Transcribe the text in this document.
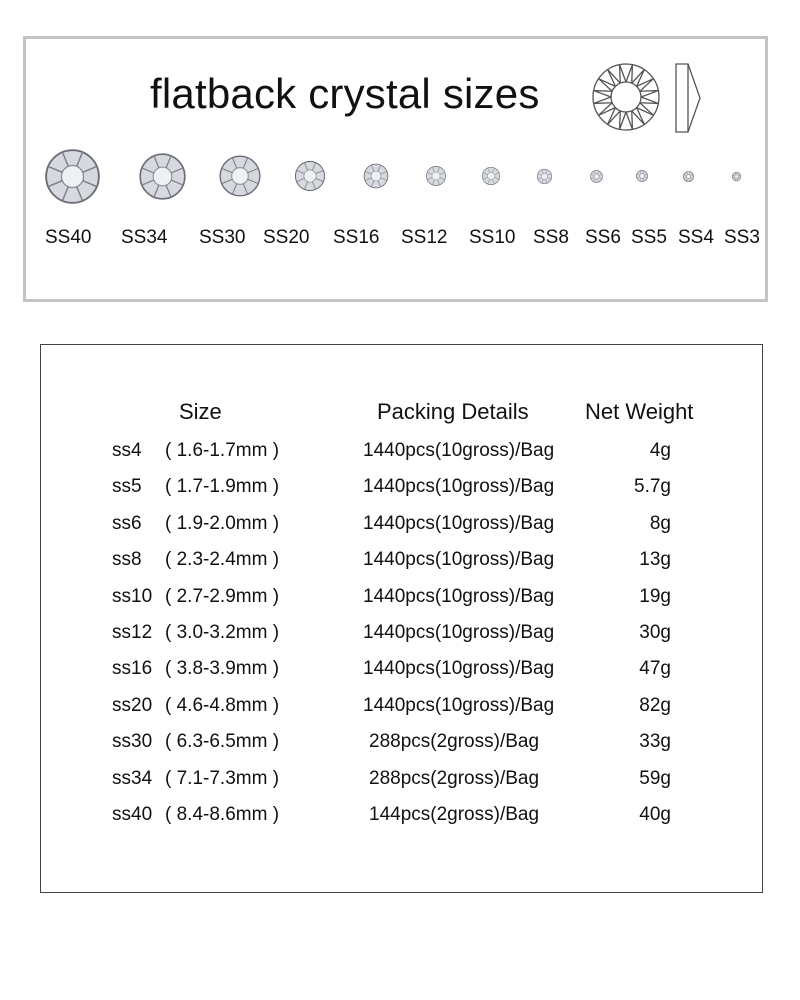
flatback crystal sizes
SS40 SS34 SS30 SS20 SS16 SS12 SS10 SS8 SS6 SS5 SS4 SS3
Size	Packing Details	Net Weight
ss4 ( 1.6-1.7mm )	1440pcs(10gross)/Bag	4g
ss5 ( 1.7-1.9mm )	1440pcs(10gross)/Bag	5.7g
ss6 ( 1.9-2.0mm )	1440pcs(10gross)/Bag	8g
ss8 ( 2.3-2.4mm )	1440pcs(10gross)/Bag	13g
ss10 ( 2.7-2.9mm )	1440pcs(10gross)/Bag	19g
ss12 ( 3.0-3.2mm )	1440pcs(10gross)/Bag	30g
ss16 ( 3.8-3.9mm )	1440pcs(10gross)/Bag	47g
ss20 ( 4.6-4.8mm )	1440pcs(10gross)/Bag	82g
ss30 ( 6.3-6.5mm )	288pcs(2gross)/Bag	33g
ss34 ( 7.1-7.3mm )	288pcs(2gross)/Bag	59g
ss40 ( 8.4-8.6mm )	144pcs(2gross)/Bag	40g
